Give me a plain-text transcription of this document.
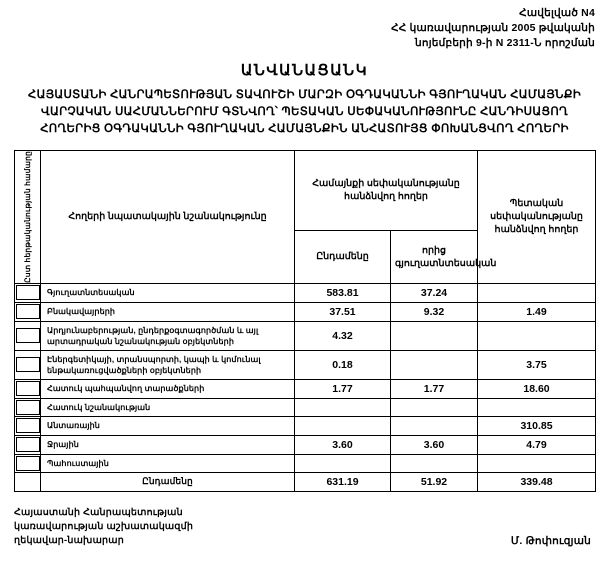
Հավելված N4
ՀՀ կառավարության 2005 թվականի
նոյեմբերի 9-ի N 2311-Ն որոշման
ԱՆՎԱՆԱՑԱՆԿ
ՀԱՅԱՍՏԱՆԻ ՀԱՆՐԱՊԵՏՈՒԹՅԱՆ ՏԱՎՈՒՇԻ ՄԱՐԶԻ ՕԳԴԱԿԱՆՆԻ ԳՅՈՒՂԱԿԱՆ ՀԱՄԱՅՆՔԻ
ՎԱՐՉԱԿԱՆ ՍԱՀՄԱՆՆԵՐՈՒՄ ԳՏՆՎՈՂ՝ ՊԵՏԱԿԱՆ ՍԵՓԱԿԱՆՈՒԹՅՈՒՆԸ ՀԱՆԴԻՍԱՑՈՂ
ՀՈՂԵՐԻՑ ՕԳԴԱԿԱՆՆԻ ԳՅՈՒՂԱԿԱՆ ՀԱՄԱՅՆՔԻՆ ԱՆՀԱՏՈՒՅՑ ՓՈԽԱՆՑՎՈՂ ՀՈՂԵՐԻ
Ըստ հերթականության համարը	Հողերի նպատակային նշանակությունը	Համայնքի սեփականությանը հանձնվող հողեր		Պետական սեփականությանը հանձնվող հողեր
		Ընդամենը	որից գյուղատնտեսական	

	Գյուղատնտեսական	583.81	37.24	

	Բնակավայրերի	37.51	9.32	1.49

	Արդյունաբերության, ընդերքօգտագործման և այլ արտադրական նշանակության օբյեկտների	4.32		

	Էներգետիկայի, տրանսպորտի, կապի և կոմունալ ենթակառուցվածքների օբյեկտների	0.18		3.75

	Հատուկ պահպանվող տարածքների	1.77	1.77	18.60

	Հատուկ նշանակության			

	Անտառային			310.85

	Ջրային	3.60	3.60	4.79

	Պահուստային			
	Ընդամենը	631.19	51.92	339.48
Հայաստանի Հանրապետության
կառավարության աշխատակազմի
ղեկավար-նախարար	Մ. Թոփուզյան
